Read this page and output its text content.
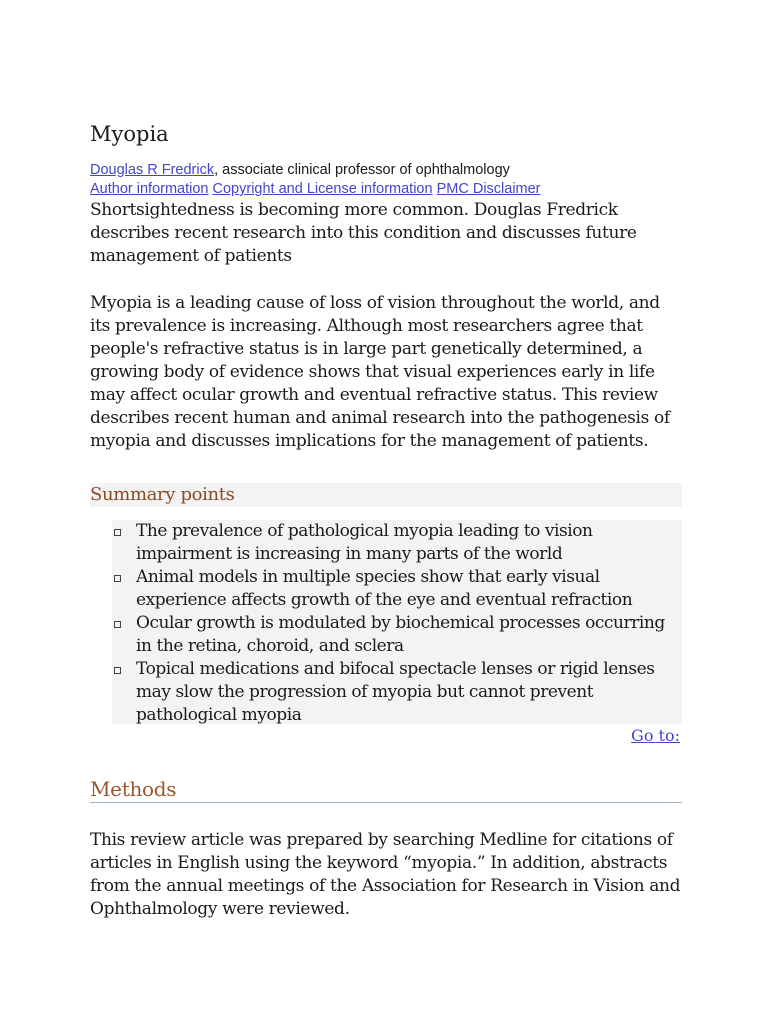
Myopia
Douglas R Fredrick, associate clinical professor of ophthalmology
Author information Copyright and License information PMC Disclaimer

Shortsightedness is becoming more common. Douglas Fredrick describes recent research into this condition and discusses future management of patients

Myopia is a leading cause of loss of vision throughout the world, and its prevalence is increasing. Although most researchers agree that people's refractive status is in large part genetically determined, a growing body of evidence shows that visual experiences early in life may affect ocular growth and eventual refractive status. This review describes recent human and animal research into the pathogenesis of myopia and discusses implications for the management of patients.

Summary points
The prevalence of pathological myopia leading to vision impairment is increasing in many parts of the world
Animal models in multiple species show that early visual experience affects growth of the eye and eventual refraction
Ocular growth is modulated by biochemical processes occurring in the retina, choroid, and sclera
Topical medications and bifocal spectacle lenses or rigid lenses may slow the progression of myopia but cannot prevent pathological myopia
Go to:
Methods

This review article was prepared by searching Medline for citations of articles in English using the keyword “myopia.” In addition, abstracts from the annual meetings of the Association for Research in Vision and Ophthalmology were reviewed.
